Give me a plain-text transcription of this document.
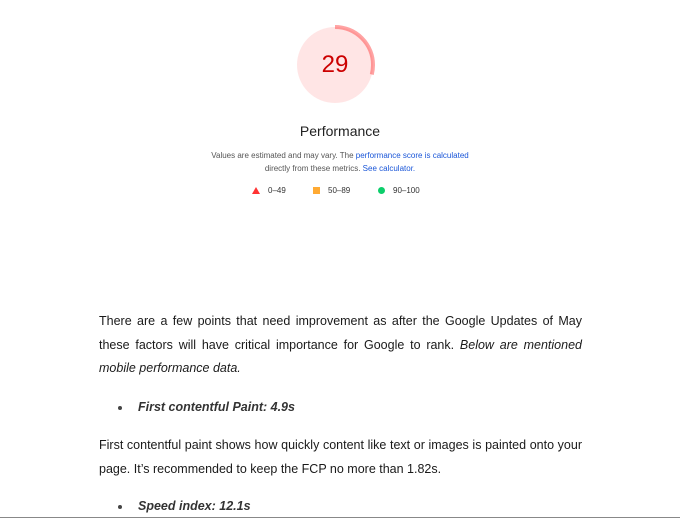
29
Performance
Values are estimated and may vary. The performance score is calculated
directly from these metrics. See calculator.
0–49	50–89	90–100

There are a few points that need improvement as after the Google Updates of May these factors will have critical importance for Google to rank. Below are mentioned mobile performance data.

First contentful Paint: 4.9s

First contentful paint shows how quickly content like text or images is painted onto your page. It’s recommended to keep the FCP no more than 1.82s.

Speed index: 12.1s
